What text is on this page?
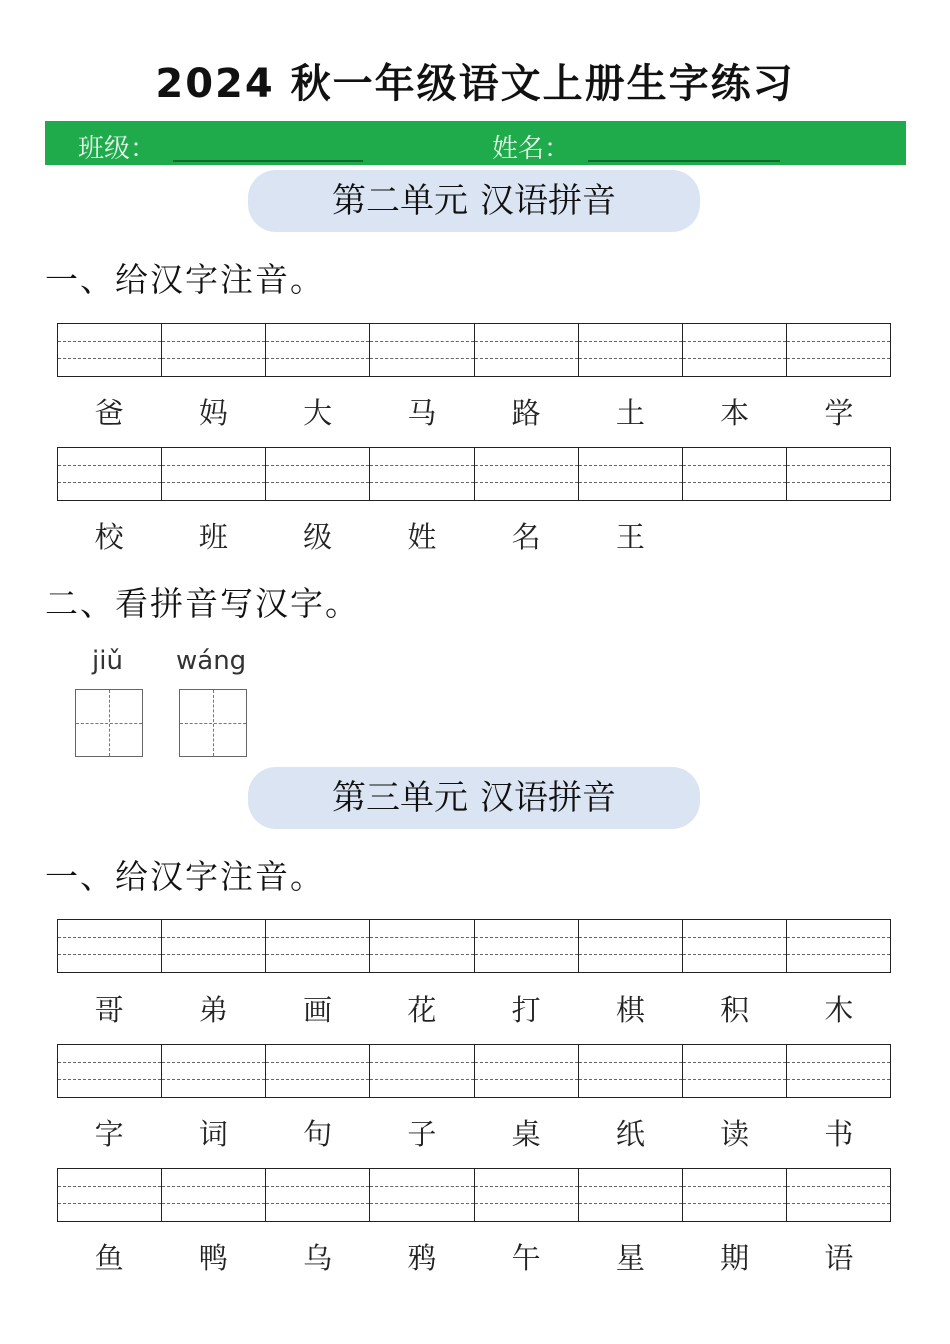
2024 秋一年级语文上册生字练习
班级：	姓名：
第二单元 汉语拼音
一、给汉字注音。
爸	妈	大	马	路	土	本	学
校	班	级	姓	名	王
二、看拼音写汉字。
jiǔ wáng
第三单元 汉语拼音
一、给汉字注音。
哥	弟	画	花	打	棋	积	木
字	词	句	子	桌	纸	读	书
鱼	鸭	乌	鸦	午	星	期	语
